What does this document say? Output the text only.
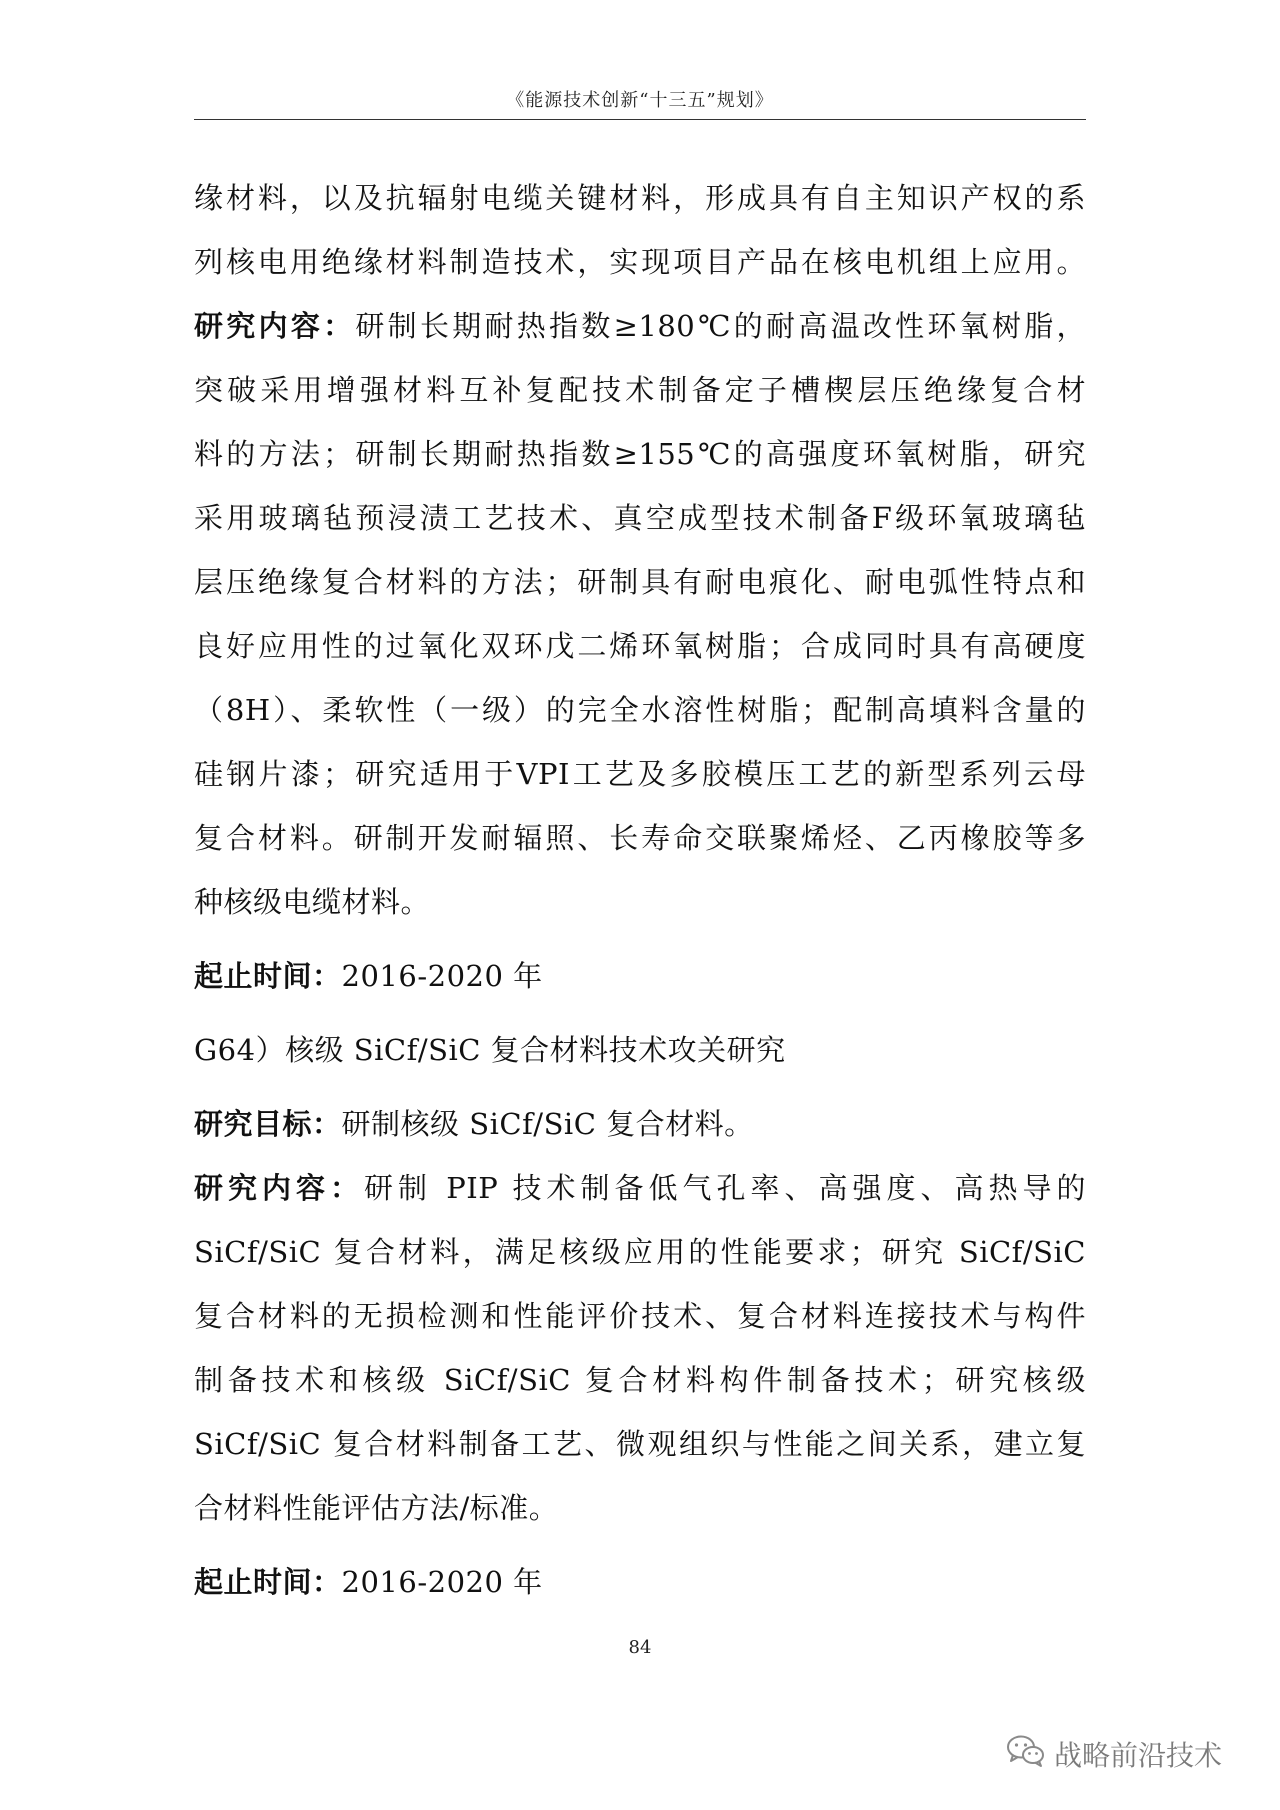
《能源技术创新“十三五”规划》
缘材料，以及抗辐射电缆关键材料，形成具有自主知识产权的系
列核电用绝缘材料制造技术，实现项目产品在核电机组上应用。
研究内容：研制长期耐热指数≥180℃的耐高温改性环氧树脂，
突破采用增强材料互补复配技术制备定子槽楔层压绝缘复合材
料的方法；研制长期耐热指数≥155℃的高强度环氧树脂，研究
采用玻璃毡预浸渍工艺技术、真空成型技术制备F级环氧玻璃毡
层压绝缘复合材料的方法；研制具有耐电痕化、耐电弧性特点和
良好应用性的过氧化双环戊二烯环氧树脂；合成同时具有高硬度
（8H）、柔软性（一级）的完全水溶性树脂；配制高填料含量的
硅钢片漆；研究适用于VPI工艺及多胶模压工艺的新型系列云母
复合材料。研制开发耐辐照、长寿命交联聚烯烃、乙丙橡胶等多
种核级电缆材料。
起止时间：2016-2020 年
G64）核级 SiCf/SiC 复合材料技术攻关研究
研究目标：研制核级 SiCf/SiC 复合材料。
研究内容：研制 PIP 技术制备低气孔率、高强度、高热导的
SiCf/SiC 复合材料，满足核级应用的性能要求；研究 SiCf/SiC
复合材料的无损检测和性能评价技术、复合材料连接技术与构件
制备技术和核级 SiCf/SiC 复合材料构件制备技术；研究核级
SiCf/SiC 复合材料制备工艺、微观组织与性能之间关系，建立复
合材料性能评估方法/标准。
起止时间：2016-2020 年
84
战略前沿技术
